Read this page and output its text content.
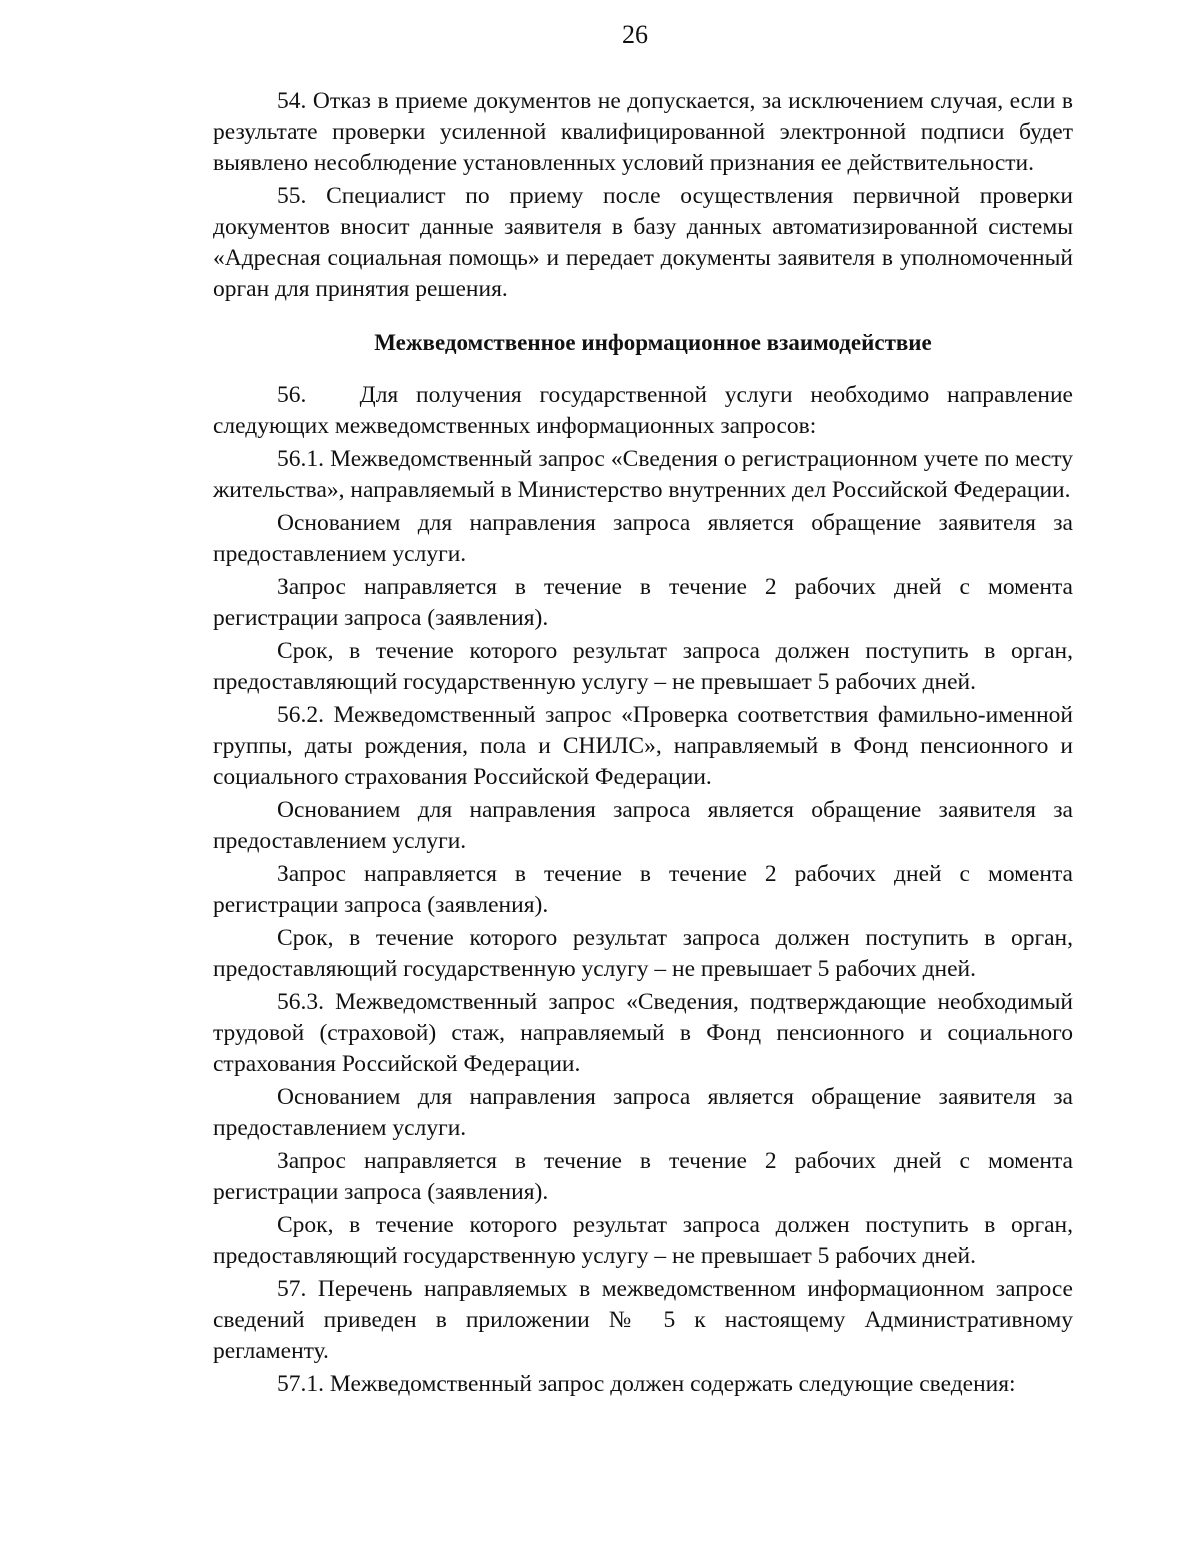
26

54. Отказ в приеме документов не допускается, за исключением случая, если в результате проверки усиленной квалифицированной электронной подписи будет выявлено несоблюдение установленных условий признания ее действительности.

55. Специалист по приему после осуществления первичной проверки документов вносит данные заявителя в базу данных автоматизированной системы «Адресная социальная помощь» и передает документы заявителя в уполномоченный орган для принятия решения.

Межведомственное информационное взаимодействие

56.   Для получения государственной услуги необходимо направление следующих межведомственных информационных запросов:

56.1. Межведомственный запрос «Сведения о регистрационном учете по месту жительства», направляемый в Министерство внутренних дел Российской Федерации.

Основанием для направления запроса является обращение заявителя за предоставлением услуги.

Запрос направляется в течение в течение 2 рабочих дней с момента регистрации запроса (заявления).

Срок, в течение которого результат запроса должен поступить в орган, предоставляющий государственную услугу – не превышает 5 рабочих дней.

56.2. Межведомственный запрос «Проверка соответствия фамильно-именной группы, даты рождения, пола и СНИЛС», направляемый в Фонд пенсионного и социального страхования Российской Федерации.

Основанием для направления запроса является обращение заявителя за предоставлением услуги.

Запрос направляется в течение в течение 2 рабочих дней с момента регистрации запроса (заявления).

Срок, в течение которого результат запроса должен поступить в орган, предоставляющий государственную услугу – не превышает 5 рабочих дней.

56.3. Межведомственный запрос «Сведения, подтверждающие необходимый трудовой (страховой) стаж, направляемый в Фонд пенсионного и социального страхования Российской Федерации.

Основанием для направления запроса является обращение заявителя за предоставлением услуги.

Запрос направляется в течение в течение 2 рабочих дней с момента регистрации запроса (заявления).

Срок, в течение которого результат запроса должен поступить в орган, предоставляющий государственную услугу – не превышает 5 рабочих дней.

57. Перечень направляемых в межведомственном информационном запросе сведений приведен в приложении № 5 к настоящему Административному регламенту.

57.1. Межведомственный запрос должен содержать следующие сведения:
